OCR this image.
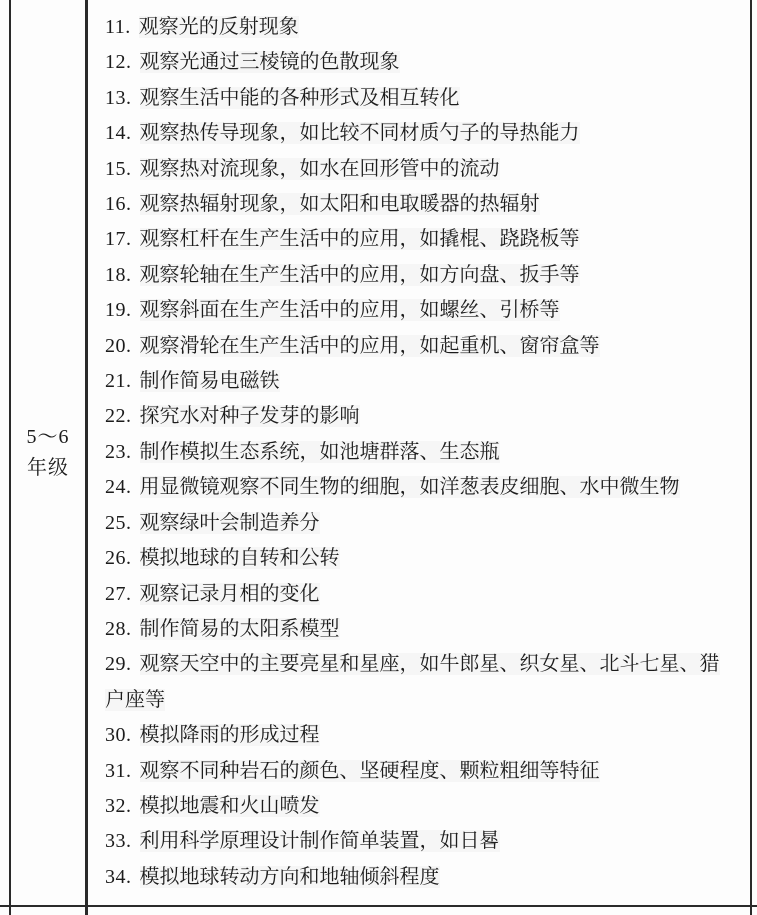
5～6
年级
11. 观察光的反射现象
12. 观察光通过三棱镜的色散现象
13. 观察生活中能的各种形式及相互转化
14. 观察热传导现象，如比较不同材质勺子的导热能力
15. 观察热对流现象，如水在回形管中的流动
16. 观察热辐射现象，如太阳和电取暖器的热辐射
17. 观察杠杆在生产生活中的应用，如撬棍、跷跷板等
18. 观察轮轴在生产生活中的应用，如方向盘、扳手等
19. 观察斜面在生产生活中的应用，如螺丝、引桥等
20. 观察滑轮在生产生活中的应用，如起重机、窗帘盒等
21. 制作简易电磁铁
22. 探究水对种子发芽的影响
23. 制作模拟生态系统，如池塘群落、生态瓶
24. 用显微镜观察不同生物的细胞，如洋葱表皮细胞、水中微生物
25. 观察绿叶会制造养分
26. 模拟地球的自转和公转
27. 观察记录月相的变化
28. 制作简易的太阳系模型
29. 观察天空中的主要亮星和星座，如牛郎星、织女星、北斗七星、猎户座等
30. 模拟降雨的形成过程
31. 观察不同种岩石的颜色、坚硬程度、颗粒粗细等特征
32. 模拟地震和火山喷发
33. 利用科学原理设计制作简单装置，如日晷
34. 模拟地球转动方向和地轴倾斜程度
